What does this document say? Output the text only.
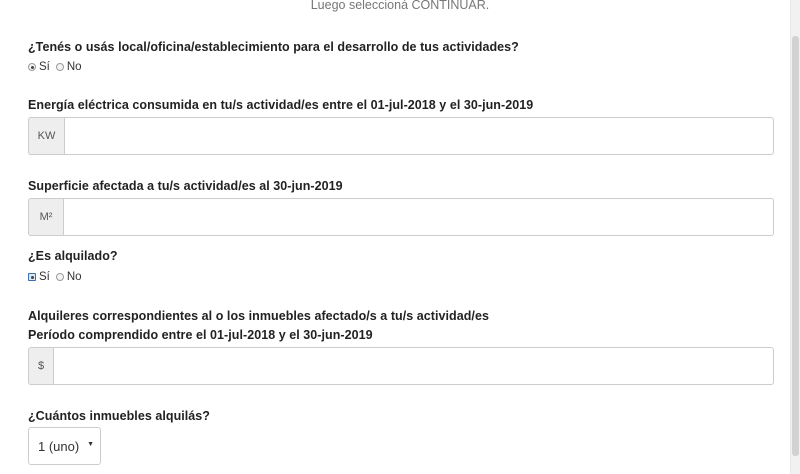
Luego seleccioná CONTINUAR.
¿Tenés o usás local/oficina/establecimiento para el desarrollo de tus actividades?
Sí No
Energía eléctrica consumida en tu/s actividad/es entre el 01-jul-2018 y el 30-jun-2019
KW
Superficie afectada a tu/s actividad/es al 30-jun-2019
M²
¿Es alquilado?
Sí No
Alquileres correspondientes al o los inmuebles afectado/s a tu/s actividad/es
Período comprendido entre el 01-jul-2018 y el 30-jun-2019
$
¿Cuántos inmuebles alquilás?
1 (uno) ▼
